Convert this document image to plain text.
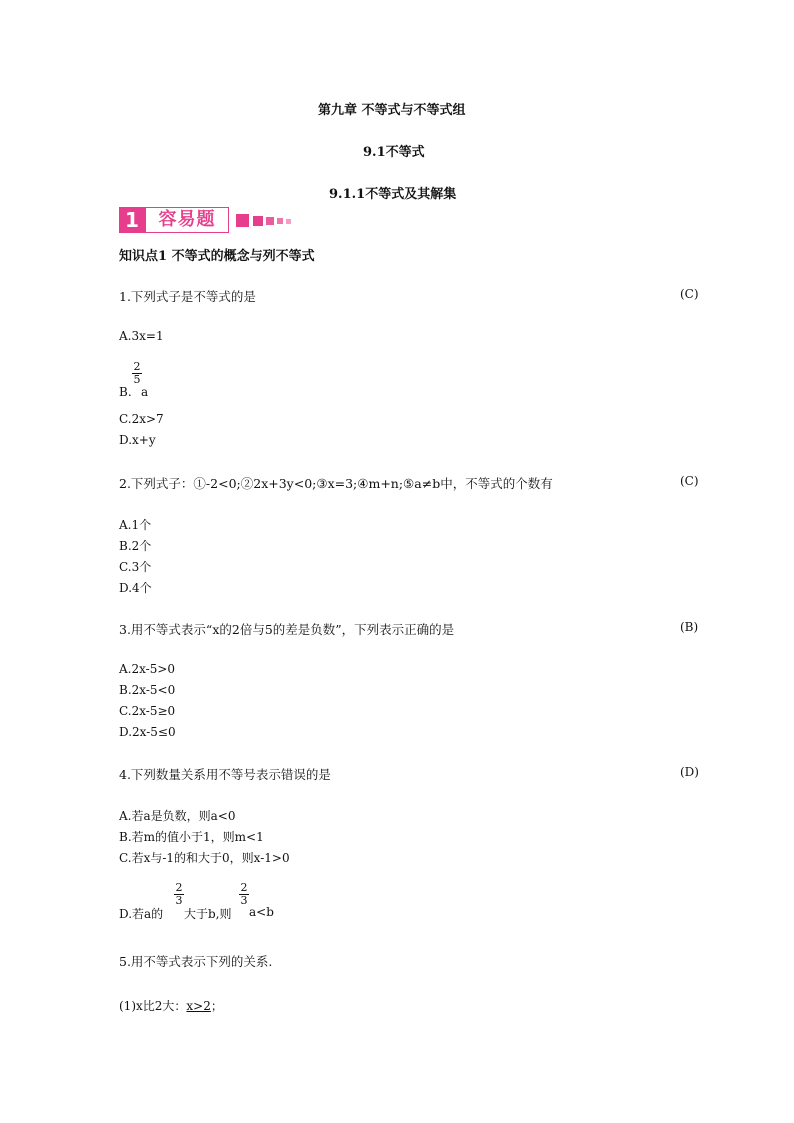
第九章 不等式与不等式组
9.1不等式
9.1.1不等式及其解集
1	容易题
知识点1 不等式的概念与列不等式
1.下列式子是不等式的是	(C)
A.3x=1
2
5
B. a
C.2x>7
D.x+y
2.下列式子：①-2<0;②2x+3y<0;③x=3;④m+n;⑤a≠b中，不等式的个数有	(C)
A.1个
B.2个
C.3个
D.4个
3.用不等式表示“x的2倍与5的差是负数”，下列表示正确的是	(B)
A.2x-5>0
B.2x-5<0
C.2x-5≥0
D.2x-5≤0
4.下列数量关系用不等号表示错误的是	(D)
A.若a是负数，则a<0
B.若m的值小于1，则m<1
C.若x与-1的和大于0，则x-1>0
2
3
2
3
D.若a的 大于b,则 a<b
5.用不等式表示下列的关系.
(1)x比2大：x>2；
